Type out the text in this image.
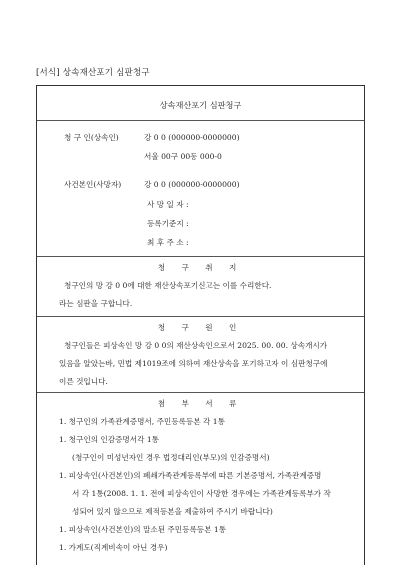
[서식] 상속재산포기 심판청구
상속재산포기 심판청구
청 구 인(상속인)	강 0 0 (000000-0000000)
서울 00구 00동 000-0
사건본인(사망자)	강 0 0 (000000-0000000)
사 망 일 자 :
등록기준지 :
최 후 주 소 :
청 구 취 지
청구인의 망 강 0 0에 대한 재산상속포기신고는 이를 수리한다.
라는 심판을 구합니다.
청 구 원 인
청구인들은 피상속인 망 강 0 0의 재산상속인으로서 2025. 00. 00. 상속개시가
있음을 알았는바, 민법 제1019조에 의하여 재산상속을 포기하고자 이 심판청구에
이른 것입니다.
첨 부 서 류
1. 청구인의 가족관계증명서, 주민등록등본 각 1통
1. 청구인의 인감증명서각 1통
(청구인이 미성년자인 경우 법정대리인(부모)의 인감증명서)
1. 피상속인(사건본인)의 폐쇄가족관계등록부에 따른 기본증명서, 가족관계증명
서 각 1통(2008. 1. 1. 전에 피상속인이 사망한 경우에는 가족관계등록부가 작
성되어 있지 않으므로 제적등본을 제출하여 주시기 바랍니다)
1. 피상속인(사건본인)의 말소된 주민등록등본 1통
1. 가계도(직계비속이 아닌 경우)
